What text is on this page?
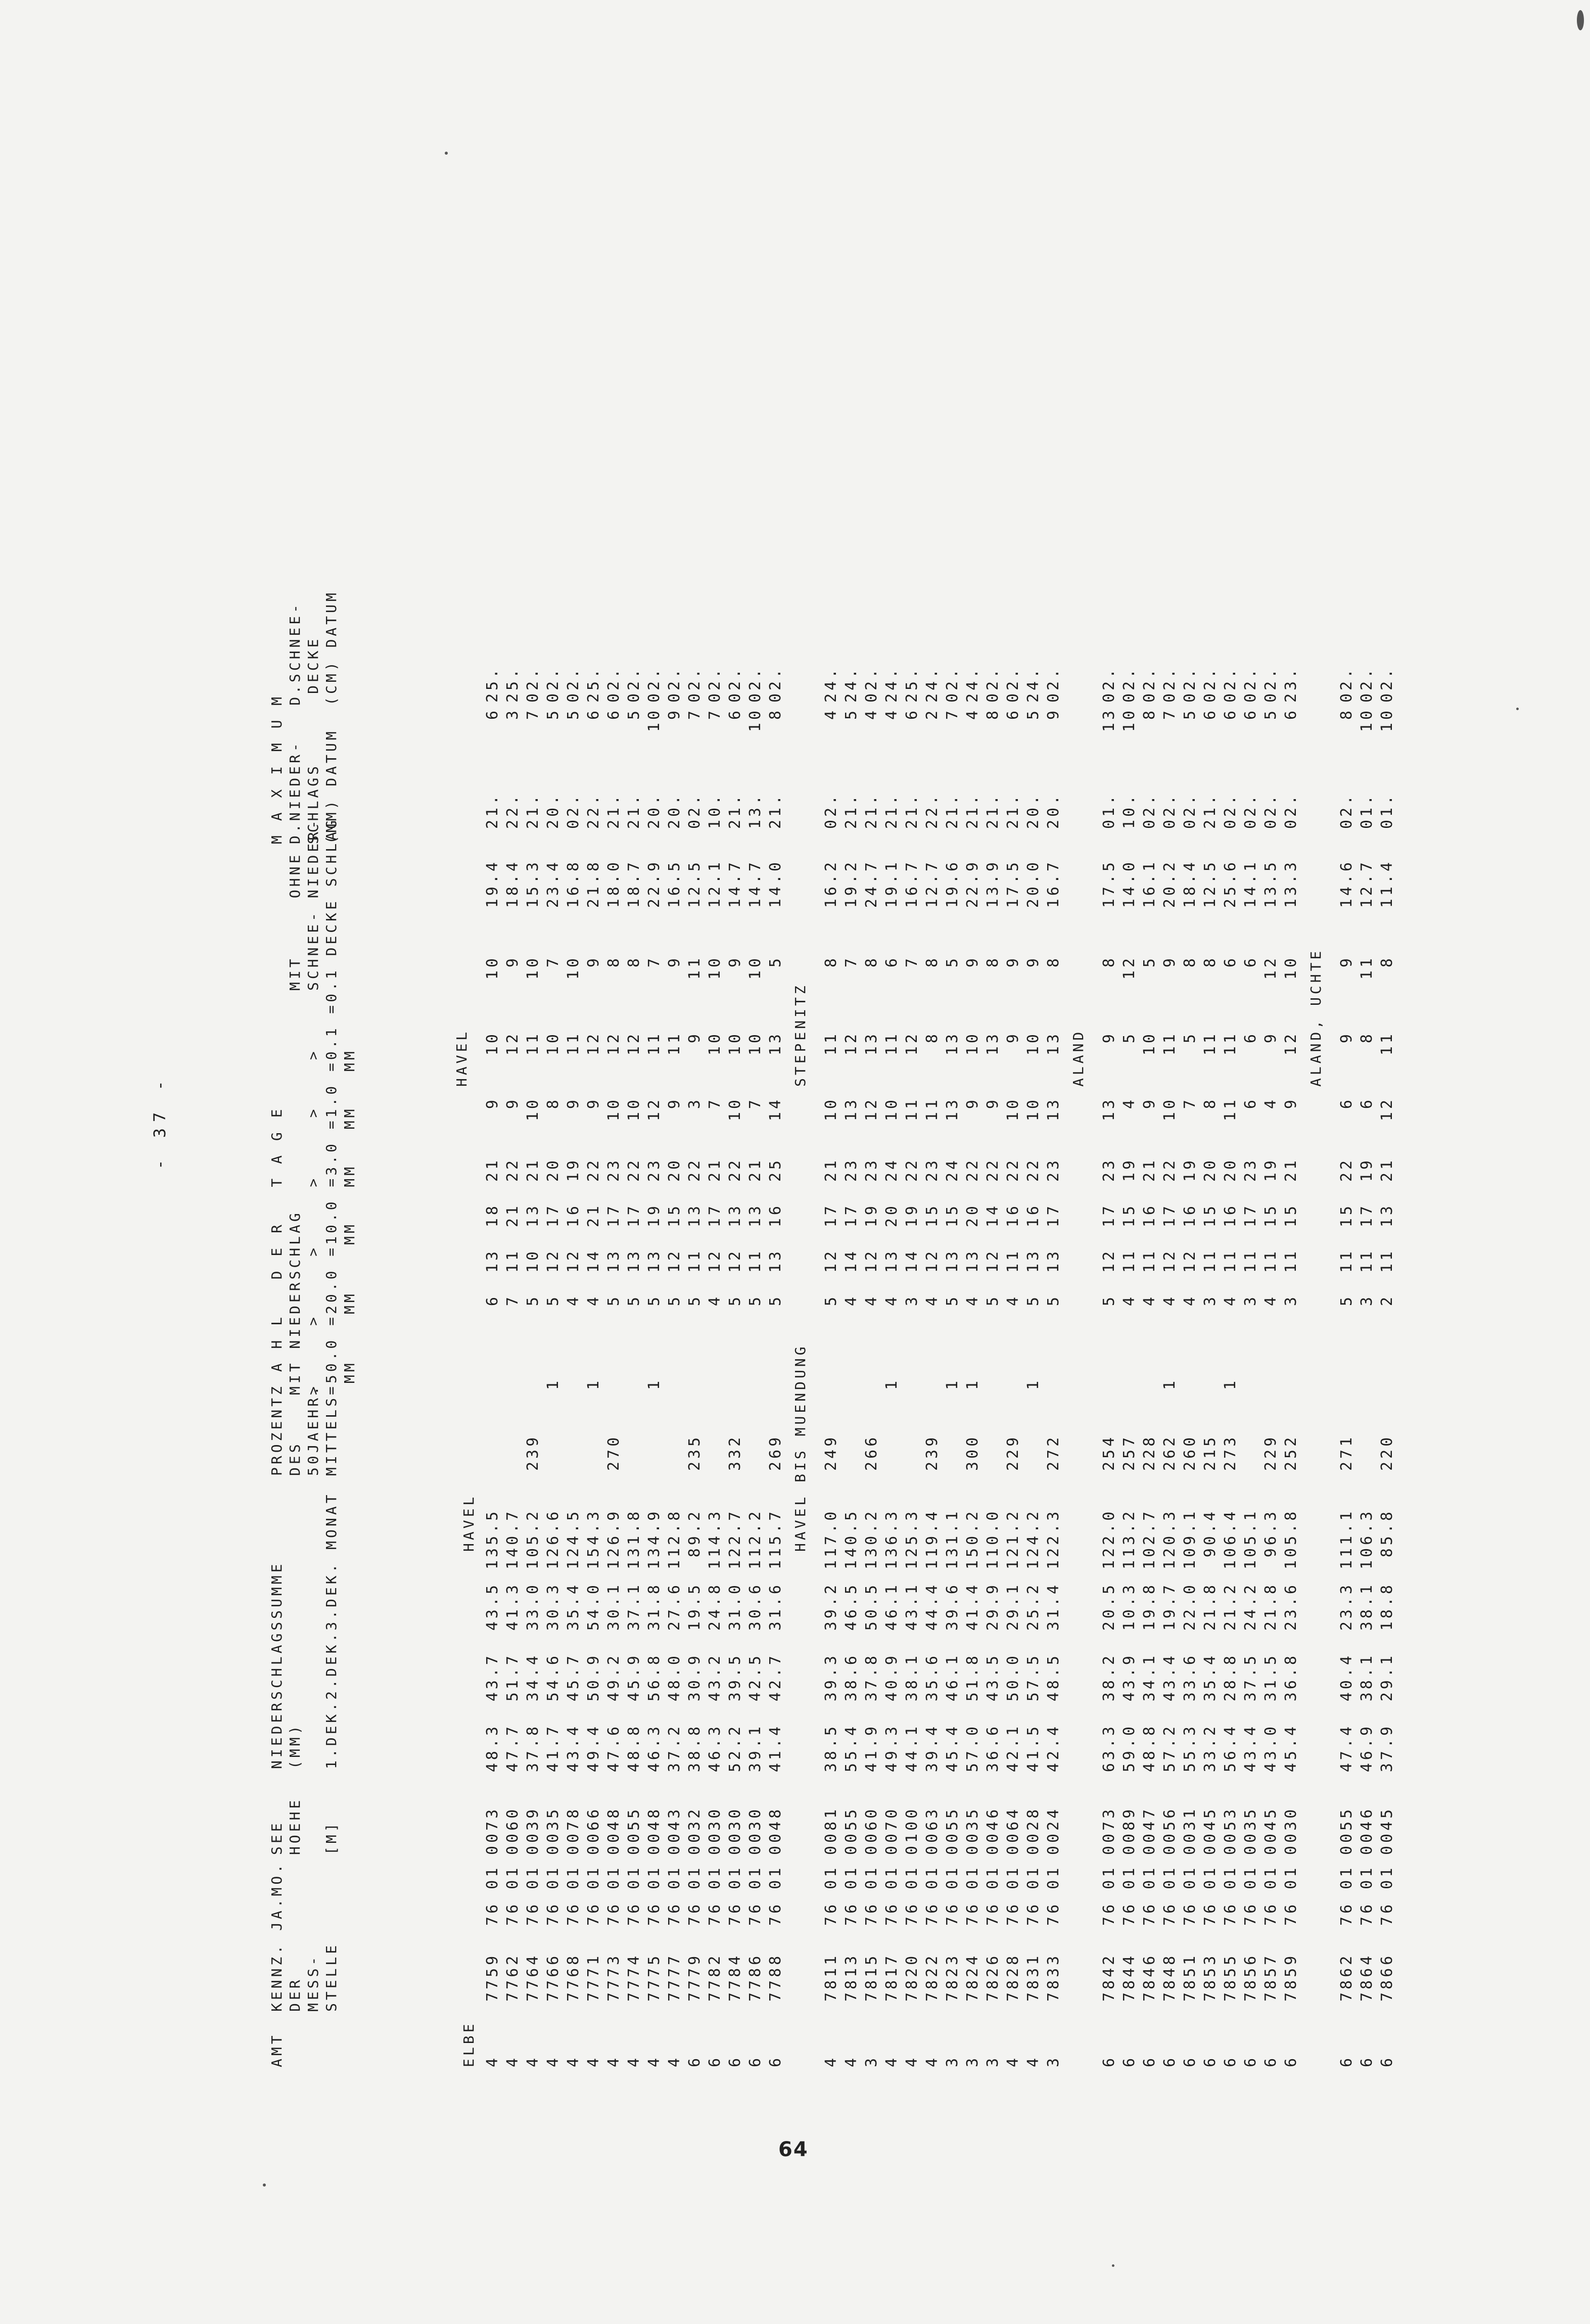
- 37 -
AMT
KENNZ.
DER
MESS-
STELLE
JA.MO.
SEE
HOEHE

[M]
NIEDERSCHLAGSSUMME
(MM)

1.DEK.2.DEK.3.DEK. MONAT
PROZENT
DES
50JAEHR.
MITTELS
Z A H L   D E R   T A G E
MIT NIEDERSCHLAG                   MIT     OHNE
>     >     >     >     >    >     SCHNEE- NIEDER-
=50.0 =20.0 =10.0 =3.0 =1.0 =0.1 =0.1 DECKE SCHLAG
MM    MM    MM   MM   MM   MM
M A X I M U M
D.NIEDER-   D.SCHNEE-
SCHLAGS      DECKE
(MM) DATUM  (CM) DATUM
ELBE
HAVEL
HAVEL
4
7759
76 01
0073
48.3
43.7
43.5
135.5
6
13
18
21
9
10
10
19.4
21.
6
25.
4
7762
76 01
0060
47.7
51.7
41.3
140.7
7
11
21
22
9
12
9
18.4
22.
3
25.
4
7764
76 01
0039
37.8
34.4
33.0
105.2
239
5
10
13
21
10
11
10
15.3
21.
7
02.
4
7766
76 01
0035
41.7
54.6
30.3
126.6
1
5
12
17
20
8
10
7
23.4
20.
5
02.
4
7768
76 01
0078
43.4
45.7
35.4
124.5
4
12
16
19
9
11
10
16.8
02.
5
02.
4
7771
76 01
0066
49.4
50.9
54.0
154.3
1
4
14
21
22
9
12
9
21.8
22.
6
25.
4
7773
76 01
0048
47.6
49.2
30.1
126.9
270
5
13
17
23
10
12
8
18.0
21.
6
02.
4
7774
76 01
0055
48.8
45.9
37.1
131.8
5
13
17
22
10
12
8
18.7
21.
5
02.
4
7775
76 01
0048
46.3
56.8
31.8
134.9
1
5
13
19
23
12
11
7
22.9
20.
10
02.
4
7777
76 01
0043
37.2
48.0
27.6
112.8
5
12
15
20
9
11
9
16.5
20.
9
02.
6
7779
76 01
0032
38.8
30.9
19.5
89.2
235
5
11
13
22
3
9
11
12.5
02.
7
02.
6
7782
76 01
0030
46.3
43.2
24.8
114.3
4
12
17
21
7
10
10
12.1
10.
7
02.
6
7784
76 01
0030
52.2
39.5
31.0
122.7
332
5
12
13
22
10
10
9
14.7
21.
6
02.
6
7786
76 01
0030
39.1
42.5
30.6
112.2
5
11
13
21
7
10
10
14.7
13.
10
02.
6
7788
76 01
0048
41.4
42.7
31.6
115.7
269
5
13
16
25
14
13
5
14.0
21.
8
02.
HAVEL BIS MUENDUNG
STEPENITZ
4
7811
76 01
0081
38.5
39.3
39.2
117.0
249
5
12
17
21
10
11
8
16.2
02.
4
24.
4
7813
76 01
0055
55.4
38.6
46.5
140.5
4
14
17
23
13
12
7
19.2
21.
5
24.
3
7815
76 01
0060
41.9
37.8
50.5
130.2
266
4
12
19
23
12
13
8
24.7
21.
4
02.
4
7817
76 01
0070
49.3
40.9
46.1
136.3
1
4
13
20
24
10
11
6
19.1
21.
4
24.
4
7820
76 01
0100
44.1
38.1
43.1
125.3
3
14
19
22
11
12
7
16.7
21.
6
25.
4
7822
76 01
0063
39.4
35.6
44.4
119.4
239
4
12
15
23
11
8
8
12.7
22.
2
24.
3
7823
76 01
0055
45.4
46.1
39.6
131.1
1
5
13
15
24
13
13
5
19.6
21.
7
02.
3
7824
76 01
0035
57.0
51.8
41.4
150.2
300
1
4
13
20
22
9
10
9
22.9
21.
4
24.
3
7826
76 01
0046
36.6
43.5
29.9
110.0
5
12
14
22
9
13
8
13.9
21.
8
02.
4
7828
76 01
0064
42.1
50.0
29.1
121.2
229
4
11
16
22
10
9
9
17.5
21.
6
02.
4
7831
76 01
0028
41.5
57.5
25.2
124.2
1
5
13
16
22
10
10
9
20.0
20.
5
24.
3
7833
76 01
0024
42.4
48.5
31.4
122.3
272
5
13
17
23
13
13
8
16.7
20.
9
02.
ALAND
6
7842
76 01
0073
63.3
38.2
20.5
122.0
254
5
12
17
23
13
9
8
17.5
01.
13
02.
6
7844
76 01
0089
59.0
43.9
10.3
113.2
257
4
11
15
19
4
5
12
14.0
10.
10
02.
6
7846
76 01
0047
48.8
34.1
19.8
102.7
228
4
11
16
21
9
10
5
16.1
02.
8
02.
6
7848
76 01
0056
57.2
43.4
19.7
120.3
262
1
4
12
17
22
10
11
9
20.2
02.
7
02.
6
7851
76 01
0031
55.3
33.6
22.0
109.1
260
4
12
16
19
7
5
8
18.4
02.
5
02.
6
7853
76 01
0045
33.2
35.4
21.8
90.4
215
3
11
15
20
8
11
8
12.5
21.
6
02.
6
7855
76 01
0053
56.4
28.8
21.2
106.4
273
1
4
11
16
20
11
11
6
25.6
02.
6
02.
6
7856
76 01
0035
43.4
37.5
24.2
105.1
3
11
17
23
6
6
6
14.1
02.
6
02.
6
7857
76 01
0045
43.0
31.5
21.8
96.3
229
4
11
15
19
4
9
12
13.5
02.
5
02.
6
7859
76 01
0030
45.4
36.8
23.6
105.8
252
3
11
15
21
9
12
10
13.3
02.
6
23.
ALAND, UCHTE
6
7862
76 01
0055
47.4
40.4
23.3
111.1
271
5
11
15
22
6
9
9
14.6
02.
8
02.
6
7864
76 01
0046
46.9
38.1
38.1
106.3
3
11
17
19
6
8
11
12.7
01.
10
02.
6
7866
76 01
0045
37.9
29.1
18.8
85.8
220
2
11
13
21
12
11
8
11.4
01.
10
02.
64
